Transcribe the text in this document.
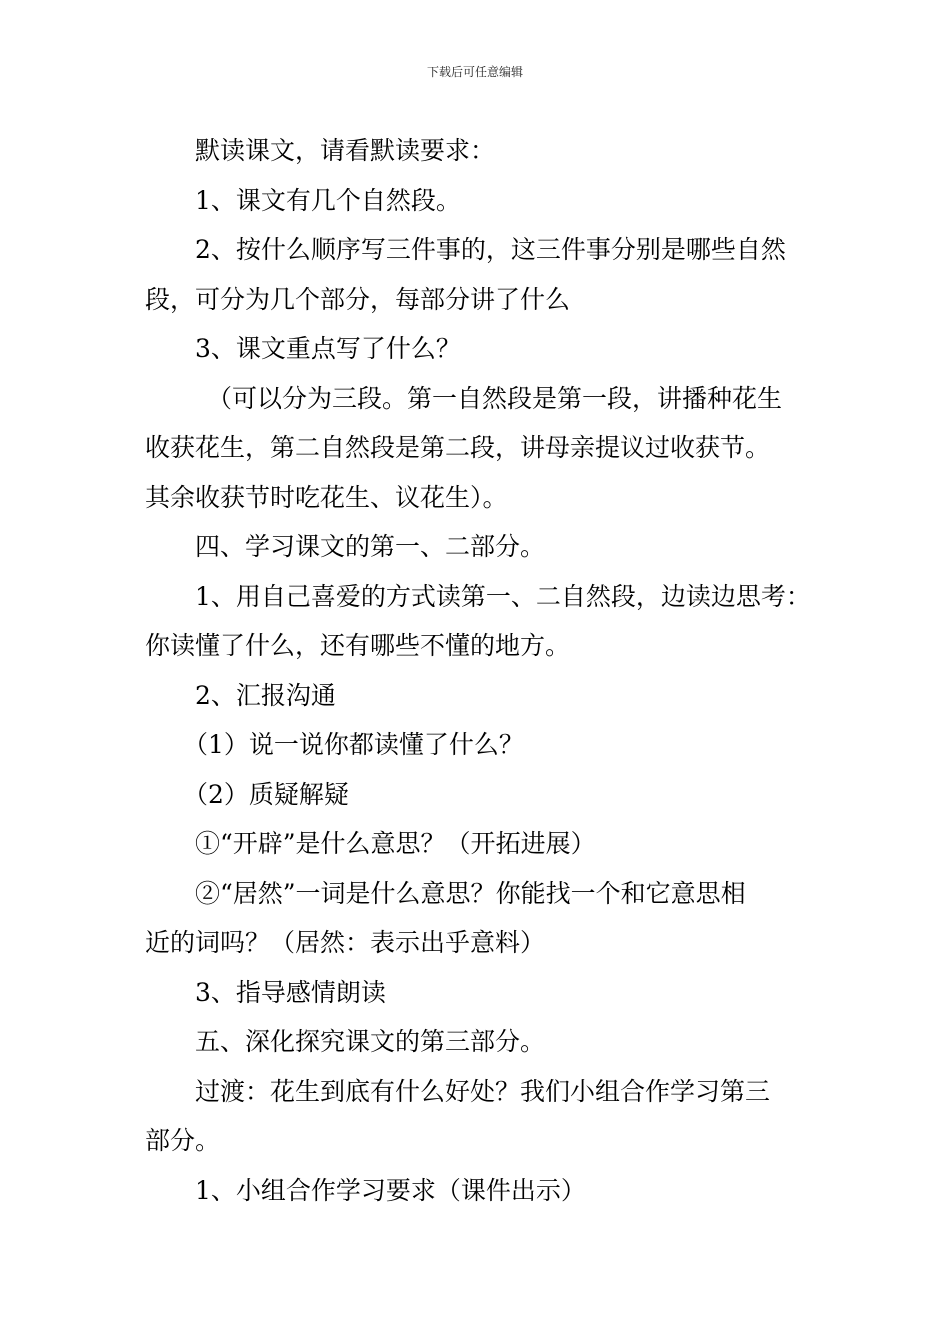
下载后可任意编辑

默读课文，请看默读要求：

1、课文有几个自然段。

2、按什么顺序写三件事的，这三件事分别是哪些自然

段，可分为几个部分，每部分讲了什么

3、课文重点写了什么？

（可以分为三段。第一自然段是第一段，讲播种花生

收获花生，第二自然段是第二段，讲母亲提议过收获节。

其余收获节时吃花生、议花生）。

四、学习课文的第一、二部分。

1、用自己喜爱的方式读第一、二自然段，边读边思考：

你读懂了什么，还有哪些不懂的地方。

2、汇报沟通

（1）说一说你都读懂了什么？

（2）质疑解疑

①“开辟”是什么意思？（开拓进展）

②“居然”一词是什么意思？你能找一个和它意思相

近的词吗？（居然：表示出乎意料）

3、指导感情朗读

五、深化探究课文的第三部分。

过渡：花生到底有什么好处？我们小组合作学习第三

部分。

1、小组合作学习要求（课件出示）
